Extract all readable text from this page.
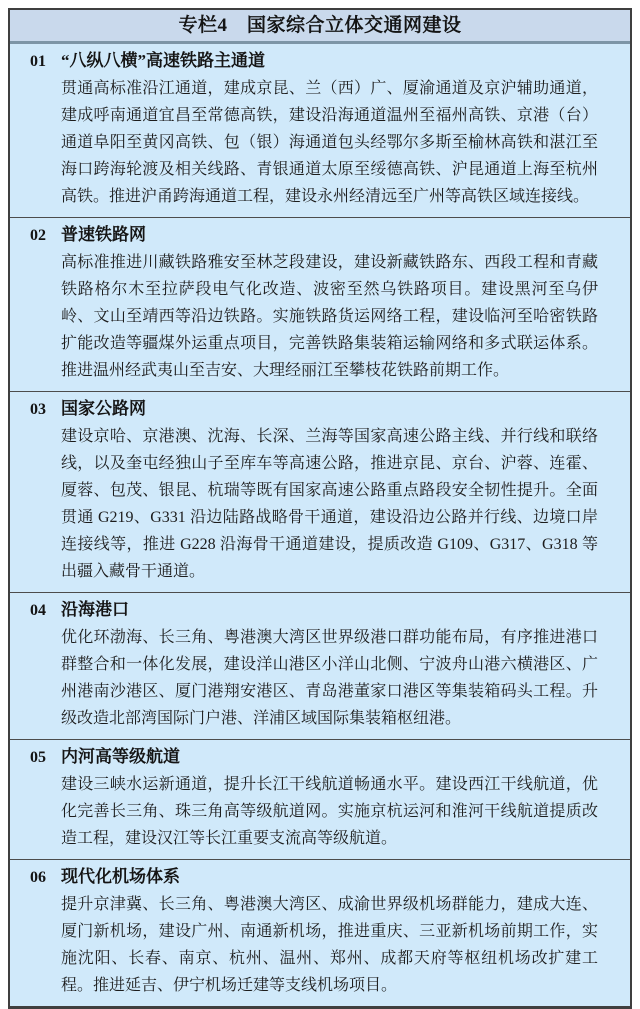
专栏4　国家综合立体交通网建设
01 “八纵八横”高速铁路主通道

贯通高标准沿江通道，建成京昆、兰（西）广、厦渝通道及京沪辅助通道，建成呼南通道宜昌至常德高铁，建设沿海通道温州至福州高铁、京港（台）通道阜阳至黄冈高铁、包（银）海通道包头经鄂尔多斯至榆林高铁和湛江至海口跨海轮渡及相关线路、青银通道太原至绥德高铁、沪昆通道上海至杭州高铁。推进沪甬跨海通道工程，建设永州经清远至广州等高铁区域连接线。

02 普速铁路网

高标准推进川藏铁路雅安至林芝段建设，建设新藏铁路东、西段工程和青藏铁路格尔木至拉萨段电气化改造、波密至然乌铁路项目。建设黑河至乌伊岭、文山至靖西等沿边铁路。实施铁路货运网络工程，建设临河至哈密铁路扩能改造等疆煤外运重点项目，完善铁路集装箱运输网络和多式联运体系。推进温州经武夷山至吉安、大理经丽江至攀枝花铁路前期工作。

03 国家公路网

建设京哈、京港澳、沈海、长深、兰海等国家高速公路主线、并行线和联络线，以及奎屯经独山子至库车等高速公路，推进京昆、京台、沪蓉、连霍、厦蓉、包茂、银昆、杭瑞等既有国家高速公路重点路段安全韧性提升。全面贯通 G219、G331 沿边陆路战略骨干通道，建设沿边公路并行线、边境口岸连接线等，推进 G228 沿海骨干通道建设，提质改造 G109、G317、G318 等出疆入藏骨干通道。

04 沿海港口

优化环渤海、长三角、粤港澳大湾区世界级港口群功能布局，有序推进港口群整合和一体化发展，建设洋山港区小洋山北侧、宁波舟山港六横港区、广州港南沙港区、厦门港翔安港区、青岛港董家口港区等集装箱码头工程。升级改造北部湾国际门户港、洋浦区域国际集装箱枢纽港。

05 内河高等级航道

建设三峡水运新通道，提升长江干线航道畅通水平。建设西江干线航道，优化完善长三角、珠三角高等级航道网。实施京杭运河和淮河干线航道提质改造工程，建设汉江等长江重要支流高等级航道。

06 现代化机场体系

提升京津冀、长三角、粤港澳大湾区、成渝世界级机场群能力，建成大连、厦门新机场，建设广州、南通新机场，推进重庆、三亚新机场前期工作，实施沈阳、长春、南京、杭州、温州、郑州、成都天府等枢纽机场改扩建工程。推进延吉、伊宁机场迁建等支线机场项目。
